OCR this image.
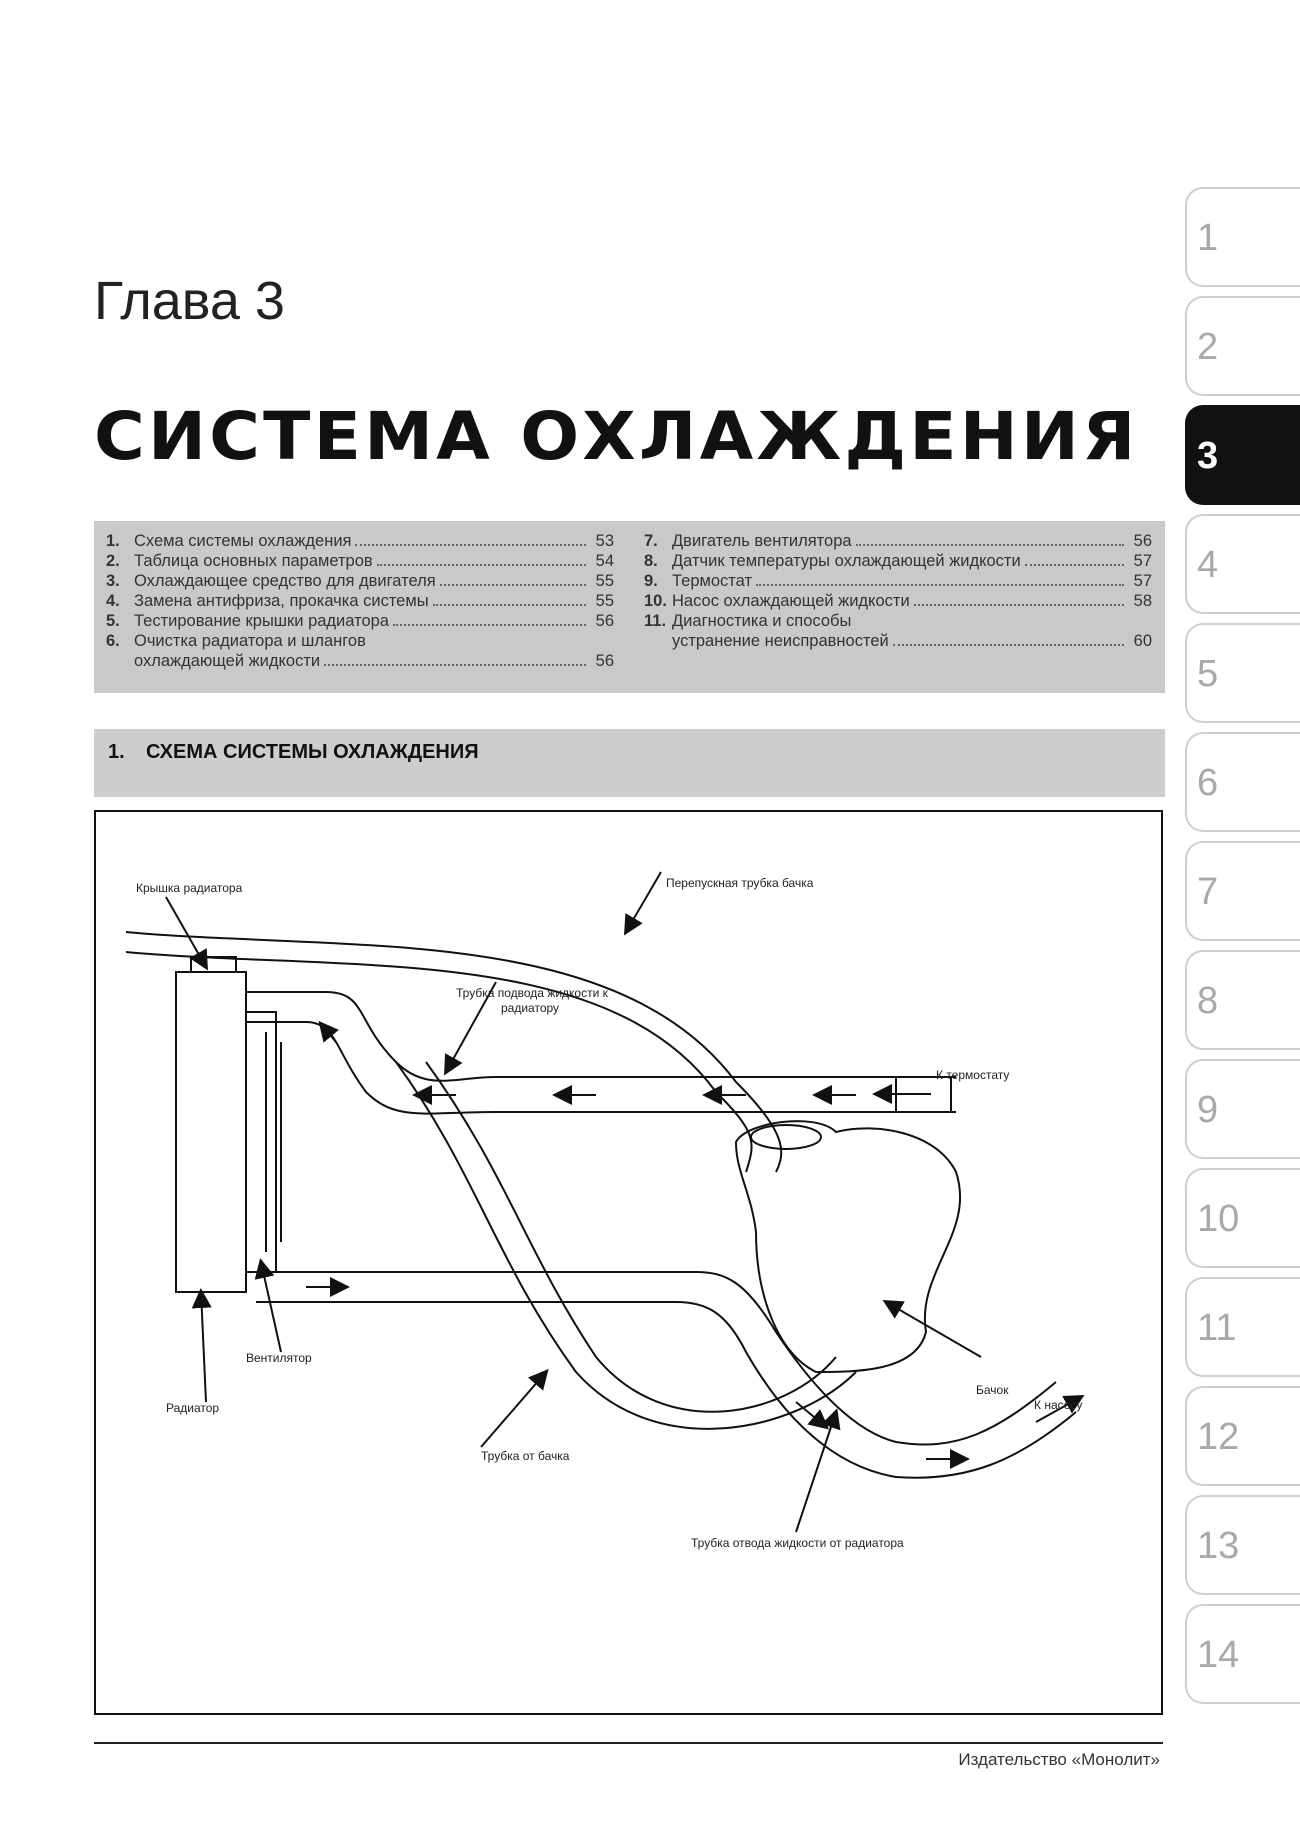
Глава 3
СИСТЕМА ОХЛАЖДЕНИЯ
1. Схема системы охлаждения	53
2. Таблица основных параметров	54
3. Охлаждающее средство для двигателя	55
4. Замена антифриза, прокачка системы	55
5. Тестирование крышки радиатора	56
6. Очистка радиатора и шлангов
охлаждающей жидкости	56
7. Двигатель вентилятора	56
8. Датчик температуры охлаждающей жидкости	57
9. Термостат	57
10. Насос охлаждающей жидкости	58
11. Диагностика и способы
устранение неисправностей	60
1. СХЕМА СИСТЕМЫ ОХЛАЖДЕНИЯ
Крышка радиатора	Перепускная трубка бачка
Трубка подвода жидкости к
радиатору
К термостату
Вентилятор
Радиатор
Бачок
К насосу
Трубка от бачка
Трубка отвода жидкости от радиатора
Издательство «Монолит»
1
2
3
4
5
6
7
8
9
10
11
12
13
14
